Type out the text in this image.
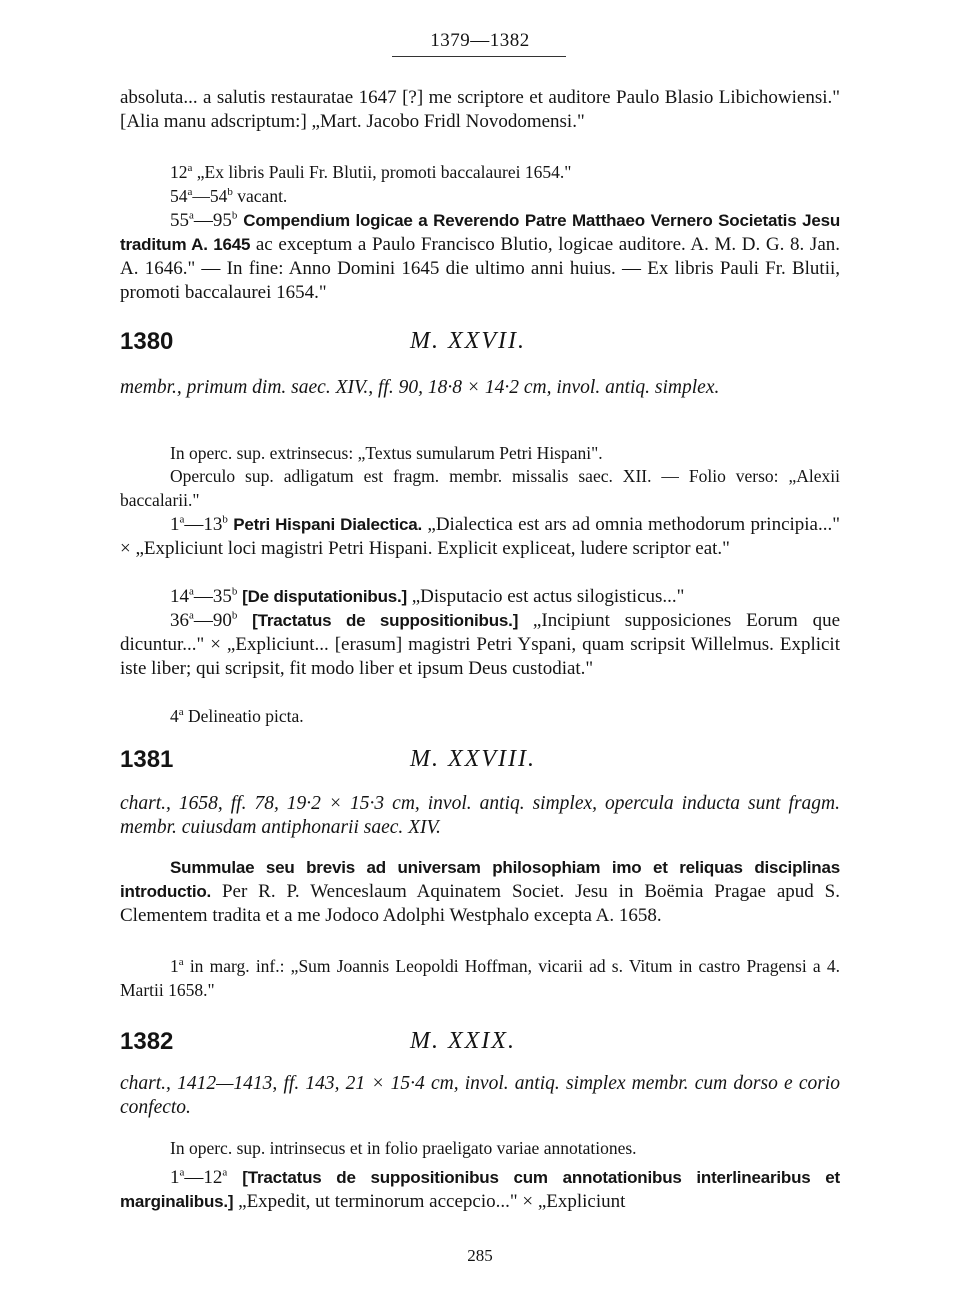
1379—1382

absoluta... a salutis restauratae 1647 [?] me scriptore et auditore Paulo Blasio Libichowiensi." [Alia manu adscriptum:] „Mart. Jacobo Fridl Novodomensi."

12$^a$ „Ex libris Pauli Fr. Blutii, promoti baccalaurei 1654."

54$^a$—54$^b$ vacant.

55$^a$—95$^b$ Compendium logicae a Reverendo Patre Matthaeo Vernero Societatis Jesu traditum A. 1645 ac exceptum a Paulo Francisco Blutio, logicae auditore. A. M. D. G. 8. Jan. A. 1646." — In fine: Anno Domini 1645 die ultimo anni huius. — Ex libris Pauli Fr. Blutii, promoti baccalaurei 1654."

1380	M. XXVII.

membr., primum dim. saec. XIV., ff. 90, 18·8 × 14·2 cm, invol. antiq. simplex.

In operc. sup. extrinsecus: „Textus sumularum Petri Hispani".

Operculo sup. adligatum est fragm. membr. missalis saec. XII. — Folio verso: „Alexii baccalarii."

1$^a$—13$^b$ Petri Hispani Dialectica. „Dialectica est ars ad omnia methodorum principia..." × „Expliciunt loci magistri Petri Hispani. Explicit expliceat, ludere scriptor eat."

14$^a$—35$^b$ [De disputationibus.] „Disputacio est actus silogisticus..."

36$^a$—90$^b$ [Tractatus de suppositionibus.] „Incipiunt supposiciones Eorum que dicuntur..." × „Expliciunt... [erasum] magistri Petri Yspani, quam scripsit Willelmus. Explicit iste liber; qui scripsit, fit modo liber et ipsum Deus custodiat."

4$^a$ Delineatio picta.

1381	M. XXVIII.

chart., 1658, ff. 78, 19·2 × 15·3 cm, invol. antiq. simplex, opercula inducta sunt fragm. membr. cuiusdam antiphonarii saec. XIV.

Summulae seu brevis ad universam philosophiam imo et reliquas disciplinas introductio. Per R. P. Wenceslaum Aquinatem Societ. Jesu in Boëmia Pragae apud S. Clementem tradita et a me Jodoco Adolphi Westphalo excepta A. 1658.

1$^a$ in marg. inf.: „Sum Joannis Leopoldi Hoffman, vicarii ad s. Vitum in castro Pragensi a 4. Martii 1658."

1382	M. XXIX.

chart., 1412—1413, ff. 143, 21 × 15·4 cm, invol. antiq. simplex membr. cum dorso e corio confecto.

In operc. sup. intrinsecus et in folio praeligato variae annotationes.

1$^a$—12$^a$ [Tractatus de suppositionibus cum annotationibus interlinearibus et marginalibus.] „Expedit, ut terminorum accepcio..." × „Expliciunt

285
